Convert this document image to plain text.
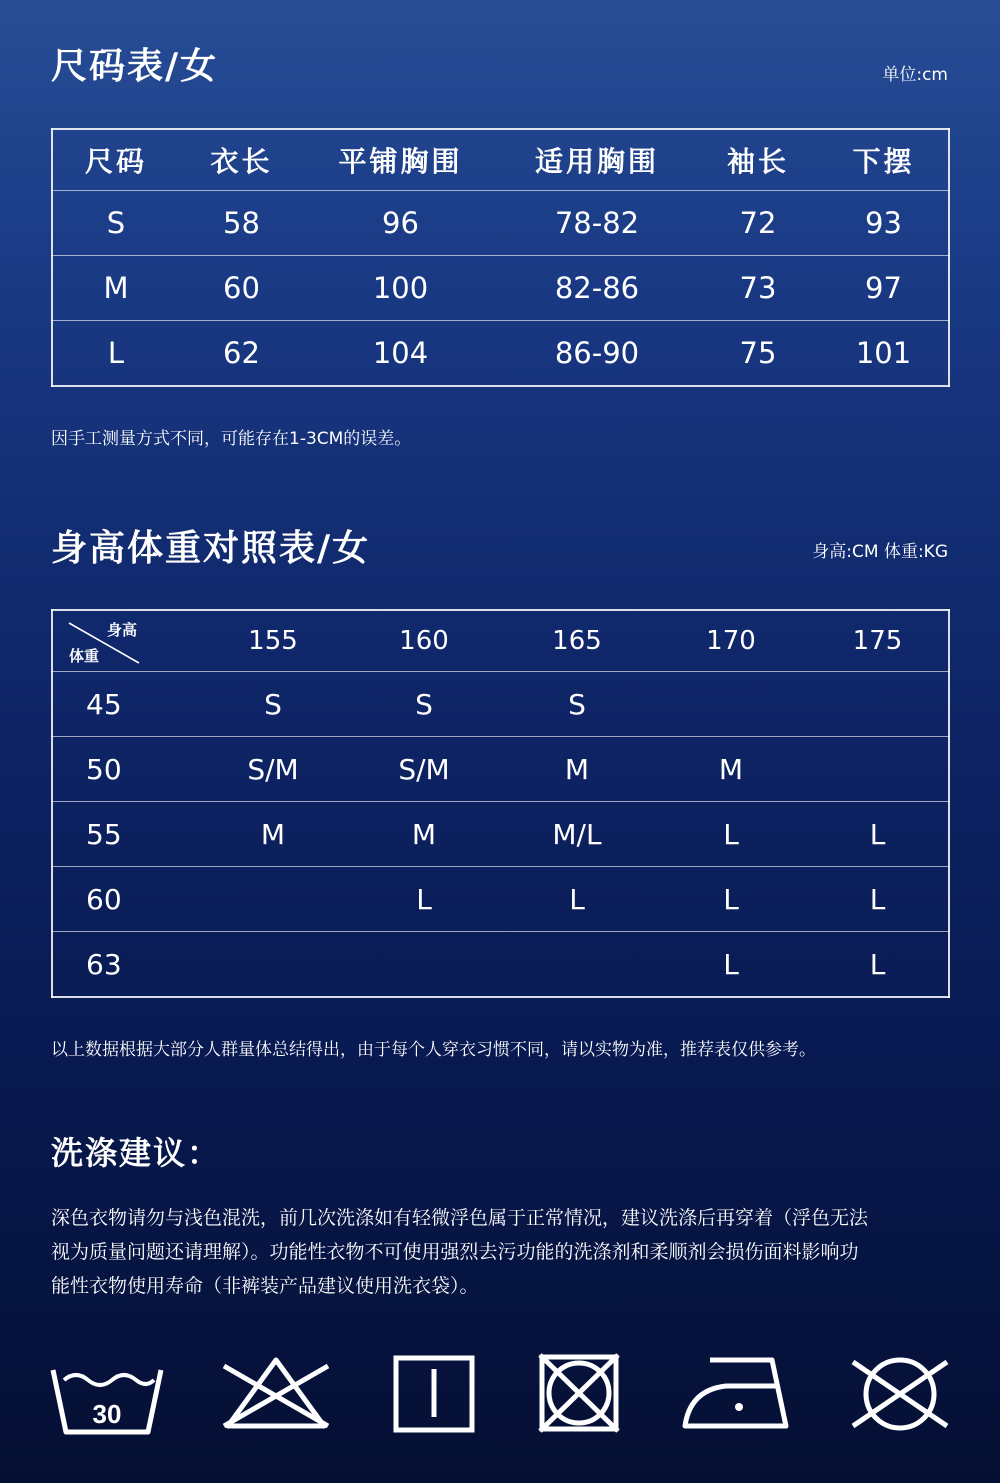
尺码表/女	单位:cm
尺码	衣长	平铺胸围	适用胸围	袖长	下摆
S	58	96	78-82	72	93
M	60	100	82-86	73	97
L	62	104	86-90	75	101
因手工测量方式不同，可能存在1-3CM的误差。
身高体重对照表/女	身高:CM 体重:KG
身高
体重	155	160	165	170	175
45	S	S	S		
50	S/M	S/M	M	M	
55	M	M	M/L	L	L
60		L	L	L	L
63				L	L
以上数据根据大部分人群量体总结得出，由于每个人穿衣习惯不同，请以实物为准，推荐表仅供参考。
洗涤建议：
深色衣物请勿与浅色混洗，前几次洗涤如有轻微浮色属于正常情况，建议洗涤后再穿着（浮色无法
视为质量问题还请理解）。功能性衣物不可使用强烈去污功能的洗涤剂和柔顺剂会损伤面料影响功
能性衣物使用寿命（非裤装产品建议使用洗衣袋）。
30
